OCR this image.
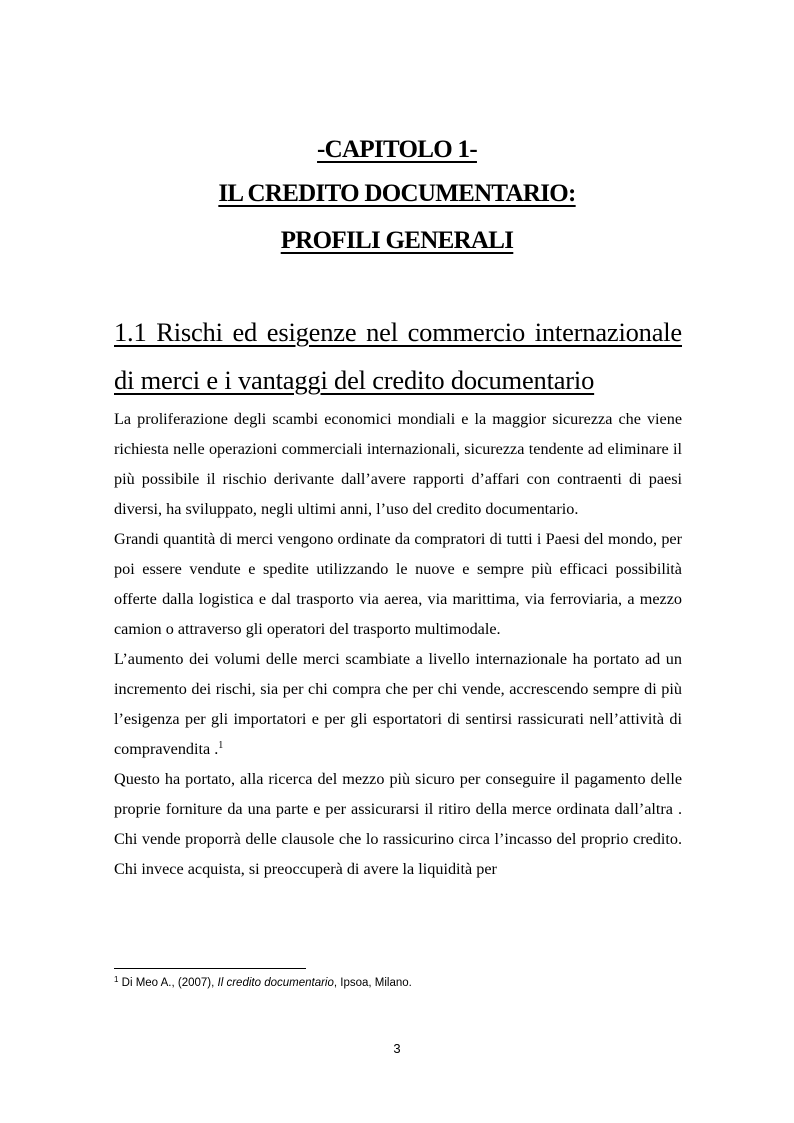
-CAPITOLO 1-
IL CREDITO DOCUMENTARIO:
PROFILI GENERALI
1.1 Rischi ed esigenze nel commercio internazionale
di merci e i vantaggi del credito documentario

La proliferazione degli scambi economici mondiali e la maggior sicurezza che viene richiesta nelle operazioni commerciali internazionali, sicurezza tendente ad eliminare il più possibile il rischio derivante dall’avere rapporti d’affari con contraenti di paesi diversi, ha sviluppato, negli ultimi anni, l’uso del credito documentario.

Grandi quantità di merci vengono ordinate da compratori di tutti i Paesi del mondo, per poi essere vendute e spedite utilizzando le nuove e sempre più efficaci possibilità offerte dalla logistica e dal trasporto via aerea, via marittima, via ferroviaria, a mezzo camion o attraverso gli operatori del trasporto multimodale.

L’aumento dei volumi delle merci scambiate a livello internazionale ha portato ad un incremento dei rischi, sia per chi compra che per chi vende, accrescendo sempre di più l’esigenza per gli importatori e per gli esportatori di sentirsi rassicurati nell’attività di compravendita .$^1$

Questo ha portato, alla ricerca del mezzo più sicuro per conseguire il pagamento delle proprie forniture da una parte e per assicurarsi il ritiro della merce ordinata dall’altra . Chi vende proporrà delle clausole che lo rassicurino circa l’incasso del proprio credito. Chi invece acquista, si preoccuperà di avere la liquidità per

$^1$ Di Meo A., (2007), Il credito documentario, Ipsoa, Milano.
3
